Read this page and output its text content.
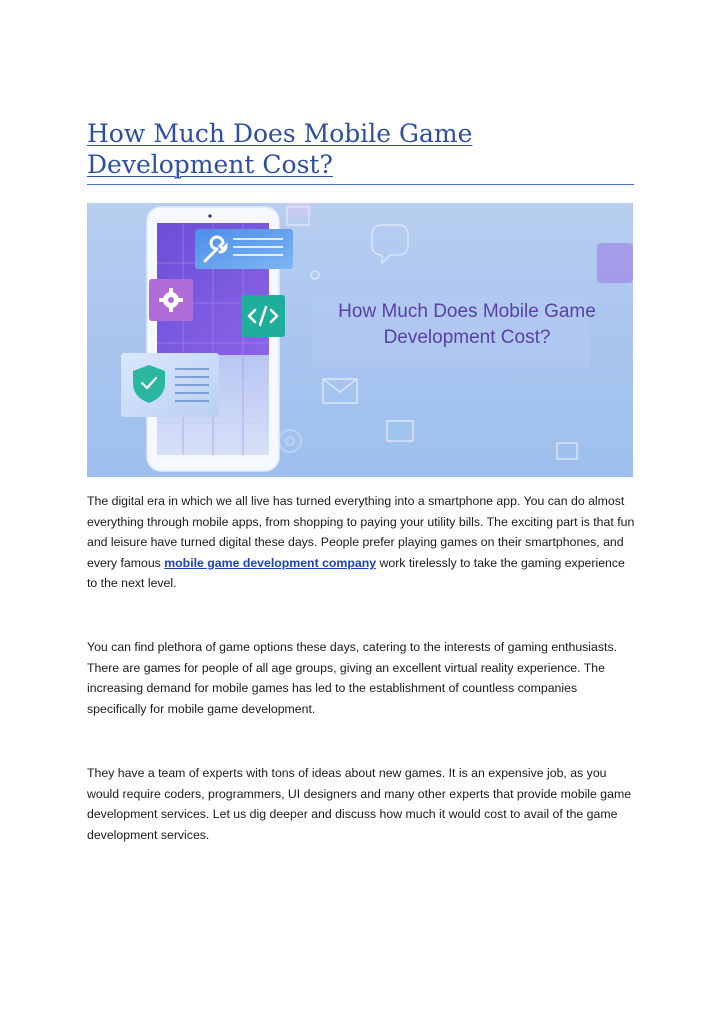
How Much Does Mobile Game Development Cost?
How Much Does Mobile Game Development Cost?

The digital era in which we all live has turned everything into a smartphone app. You can do almost everything through mobile apps, from shopping to paying your utility bills. The exciting part is that fun and leisure have turned digital these days. People prefer playing games on their smartphones, and every famous mobile game development company work tirelessly to take the gaming experience to the next level.

You can find plethora of game options these days, catering to the interests of gaming enthusiasts. There are games for people of all age groups, giving an excellent virtual reality experience. The increasing demand for mobile games has led to the establishment of countless companies specifically for mobile game development.

They have a team of experts with tons of ideas about new games. It is an expensive job, as you would require coders, programmers, UI designers and many other experts that provide mobile game development services. Let us dig deeper and discuss how much it would cost to avail of the game development services.
